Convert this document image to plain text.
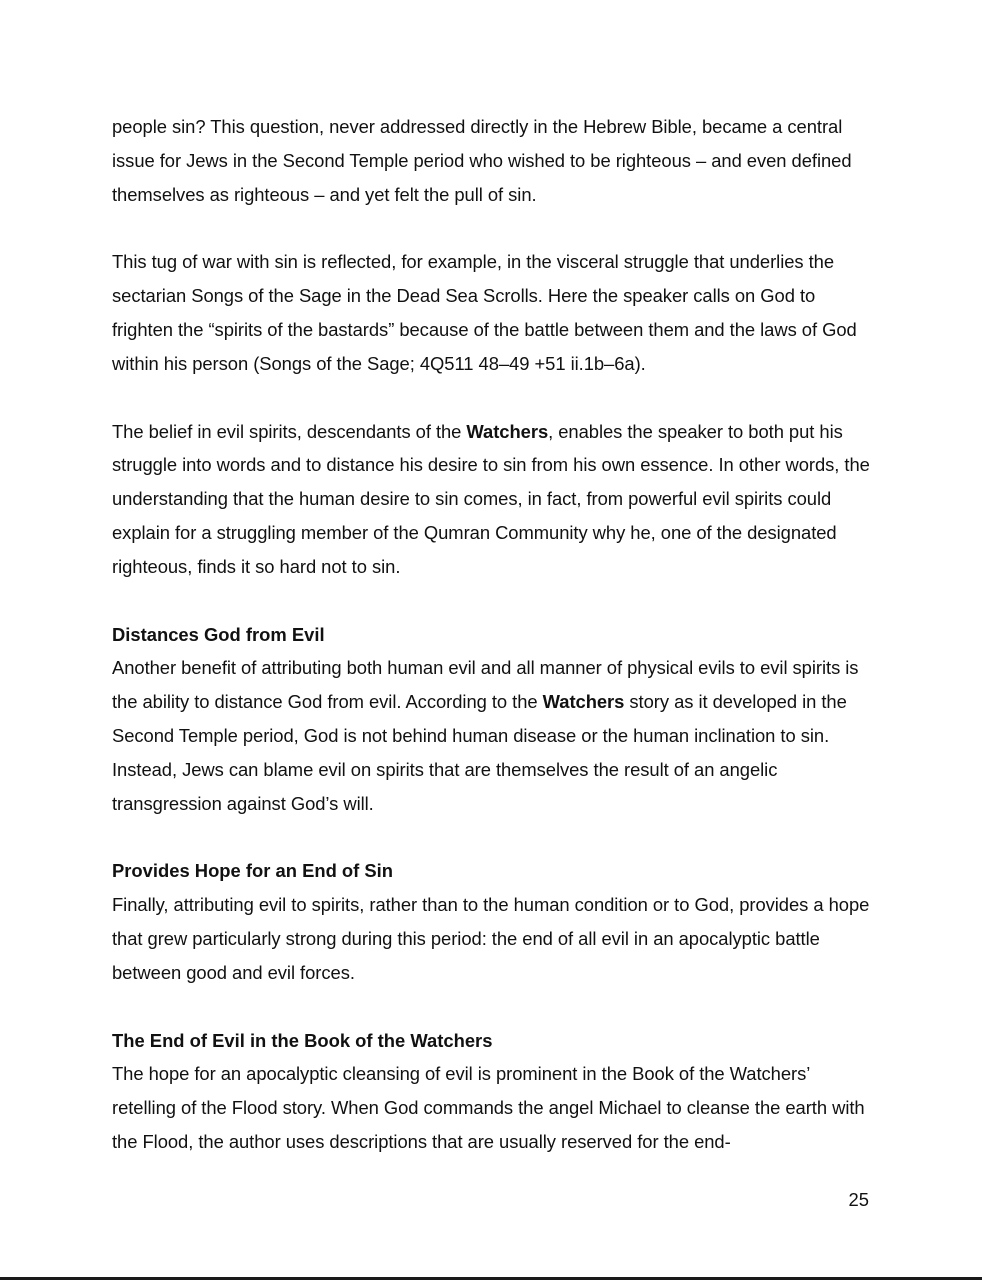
people sin? This question, never addressed directly in the Hebrew Bible, became a central issue for Jews in the Second Temple period who wished to be righteous – and even defined themselves as righteous – and yet felt the pull of sin.

This tug of war with sin is reflected, for example, in the visceral struggle that underlies the sectarian Songs of the Sage in the Dead Sea Scrolls. Here the speaker calls on God to frighten the “spirits of the bastards” because of the battle between them and the laws of God within his person (Songs of the Sage; 4Q511 48–49 +51 ii.1b–6a).

The belief in evil spirits, descendants of the Watchers, enables the speaker to both put his struggle into words and to distance his desire to sin from his own essence. In other words, the understanding that the human desire to sin comes, in fact, from powerful evil spirits could explain for a struggling member of the Qumran Community why he, one of the designated righteous, finds it so hard not to sin.

Distances God from Evil

Another benefit of attributing both human evil and all manner of physical evils to evil spirits is the ability to distance God from evil. According to the Watchers story as it developed in the Second Temple period, God is not behind human disease or the human inclination to sin. Instead, Jews can blame evil on spirits that are themselves the result of an angelic transgression against God’s will.

Provides Hope for an End of Sin

Finally, attributing evil to spirits, rather than to the human condition or to God, provides a hope that grew particularly strong during this period: the end of all evil in an apocalyptic battle between good and evil forces.

The End of Evil in the Book of the Watchers

The hope for an apocalyptic cleansing of evil is prominent in the Book of the Watchers’ retelling of the Flood story. When God commands the angel Michael to cleanse the earth with the Flood, the author uses descriptions that are usually reserved for the end-

25
